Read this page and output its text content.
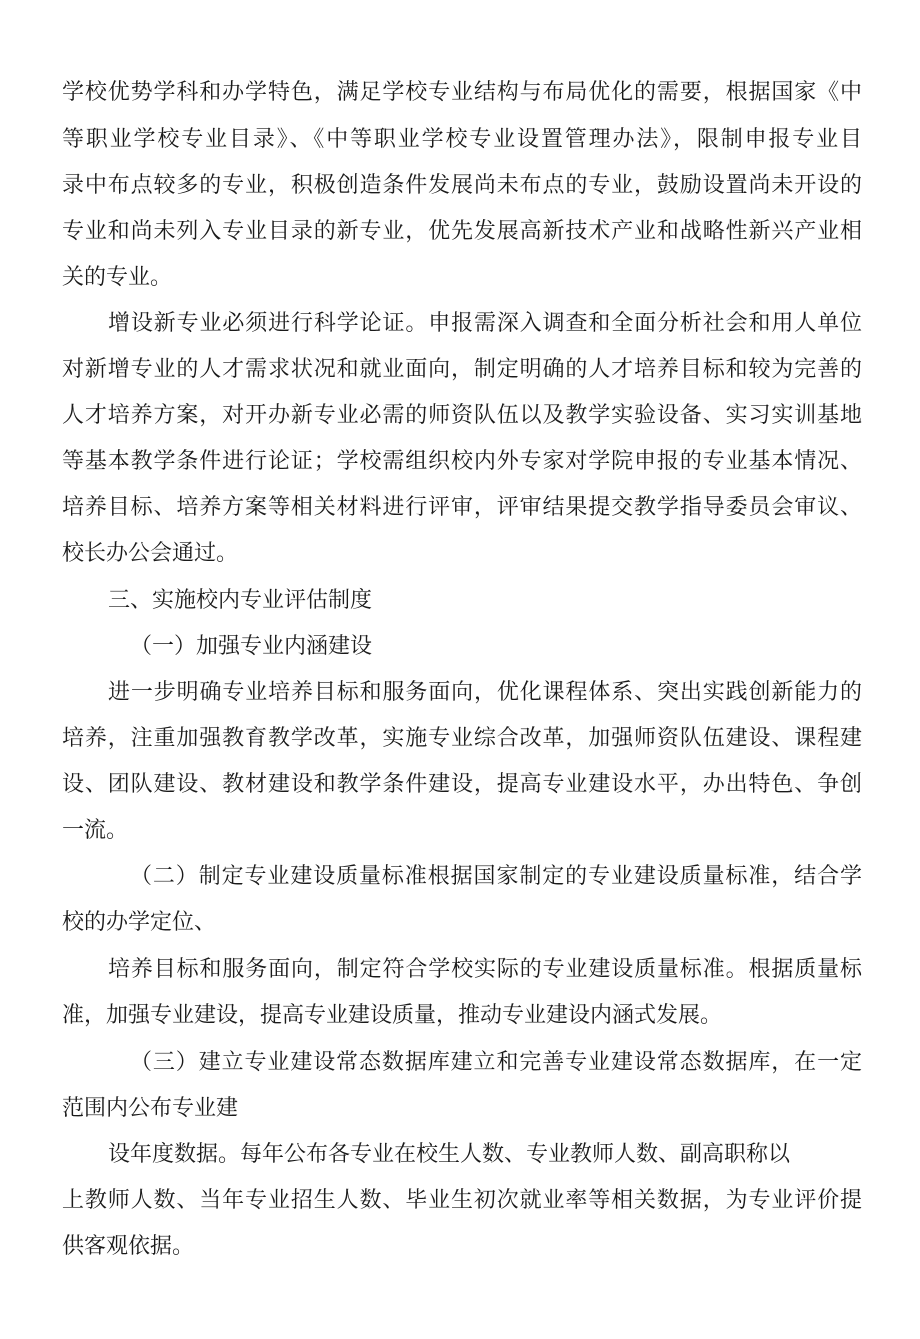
学校优势学科和办学特色，满足学校专业结构与布局优化的需要，根据国家《中
等职业学校专业目录》、《中等职业学校专业设置管理办法》，限制申报专业目
录中布点较多的专业，积极创造条件发展尚未布点的专业，鼓励设置尚未开设的
专业和尚未列入专业目录的新专业，优先发展高新技术产业和战略性新兴产业相
关的专业。
增设新专业必须进行科学论证。申报需深入调查和全面分析社会和用人单位
对新增专业的人才需求状况和就业面向，制定明确的人才培养目标和较为完善的
人才培养方案，对开办新专业必需的师资队伍以及教学实验设备、实习实训基地
等基本教学条件进行论证；学校需组织校内外专家对学院申报的专业基本情况、
培养目标、培养方案等相关材料进行评审，评审结果提交教学指导委员会审议、
校长办公会通过。
三、实施校内专业评估制度
（一）加强专业内涵建设
进一步明确专业培养目标和服务面向，优化课程体系、突出实践创新能力的
培养，注重加强教育教学改革，实施专业综合改革，加强师资队伍建设、课程建
设、团队建设、教材建设和教学条件建设，提高专业建设水平，办出特色、争创
一流。
（二）制定专业建设质量标准根据国家制定的专业建设质量标准，结合学
校的办学定位、
培养目标和服务面向，制定符合学校实际的专业建设质量标准。根据质量标
准，加强专业建设，提高专业建设质量，推动专业建设内涵式发展。
（三）建立专业建设常态数据库建立和完善专业建设常态数据库，在一定
范围内公布专业建
设年度数据。每年公布各专业在校生人数、专业教师人数、副高职称以
上教师人数、当年专业招生人数、毕业生初次就业率等相关数据，为专业评价提
供客观依据。
